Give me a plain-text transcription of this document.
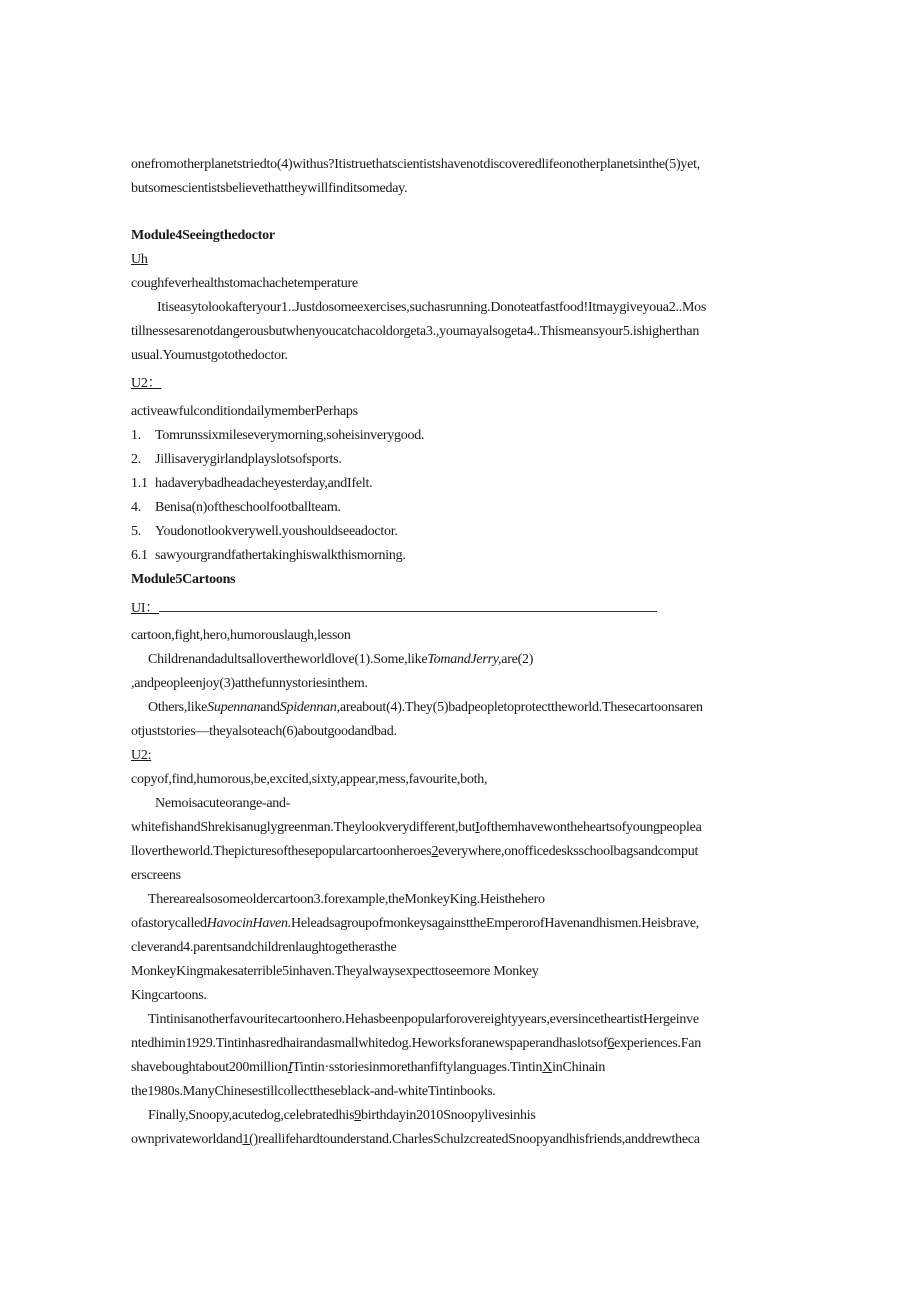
onefromotherplanetstriedto(4)withus?Itistruethatscientistshavenotdiscoveredlifeonotherplanetsinthe(5)yet,
butsomescientistsbelievethattheywillfinditsomeday.
Module4Seeingthedoctor
Uh
coughfeverhealthstomachachetemperature
Itiseasytolookafteryour1..Justdosomeexercises,suchasrunning.Donoteatfastfood!Itmaygiveyoua2..Mos
tillnessesarenotdangerousbutwhenyoucatchacoldorgeta3.,youmayalsogeta4..Thismeansyour5.ishigherthan
usual.Youmustgotothedoctor.
U2：
activeawfulconditiondailymemberPerhaps
1. Tomrunssixmileseverymorning,soheisinverygood.
2. Jillisaverygirlandplayslotsofsports.
1.1 hadaverybadheadacheyesterday,andIfelt.
4. Benisa(n)oftheschoolfootballteam.
5. Youdonotlookverywell.youshouldseeadoctor.
6.1 sawyourgrandfathertakinghiswalkthismorning.
Module5Cartoons
UI：
cartoon,fight,hero,humorouslaugh,lesson
Childrenandadultsallovertheworldlove(1).Some,likeTomandJerry,are(2)
,andpeopleenjoy(3)atthefunnystoriesinthem.
Others,likeSupennanandSpidennan,areabout(4).They(5)badpeopletoprotecttheworld.Thesecartoonsaren
otjuststories—theyalsoteach(6)aboutgoodandbad.
U2:
copyof,find,humorous,be,excited,sixty,appear,mess,favourite,both,
Nemoisacuteorange-and-
whitefishandShrekisanuglygreenman.Theylookverydifferent,butIofthemhavewontheheartsofyoungpeoplea
llovertheworld.Thepicturesofthesepopularcartoonheroes2everywhere,onofficedesksschoolbagsandcomput
erscreens
Therearealsosomeoldercartoon3.forexample,theMonkeyKing.Heisthehero
ofastorycalledHavocinHaven.HeleadsagroupofmonkeysagainsttheEmperorofHavenandhismen.Heisbrave,
cleverand4.parentsandchildrenlaughtogetherasthe
MonkeyKingmakesaterrible5inhaven.Theyalwaysexpecttoseemore Monkey
Kingcartoons.
Tintinisanotherfavouritecartoonhero.Hehasbeenpopularforovereightyyears,eversincetheartistHergeinve
ntedhimin1929.Tintinhasredhairandasmallwhitedog.Heworksforanewspaperandhaslotsof6experiences.Fan
shaveboughtabout200millionITintin·sstoriesinmorethanfiftylanguages.TintinXinChinain
the1980s.ManyChinesestillcollecttheseblack-and-whiteTintinbooks.
Finally,Snoopy,acutedog,celebratedhis9birthdayin2010Snoopylivesinhis
ownprivateworldand1()reallifehardtounderstand.CharlesSchulzcreatedSnoopyandhisfriends,anddrewtheca
